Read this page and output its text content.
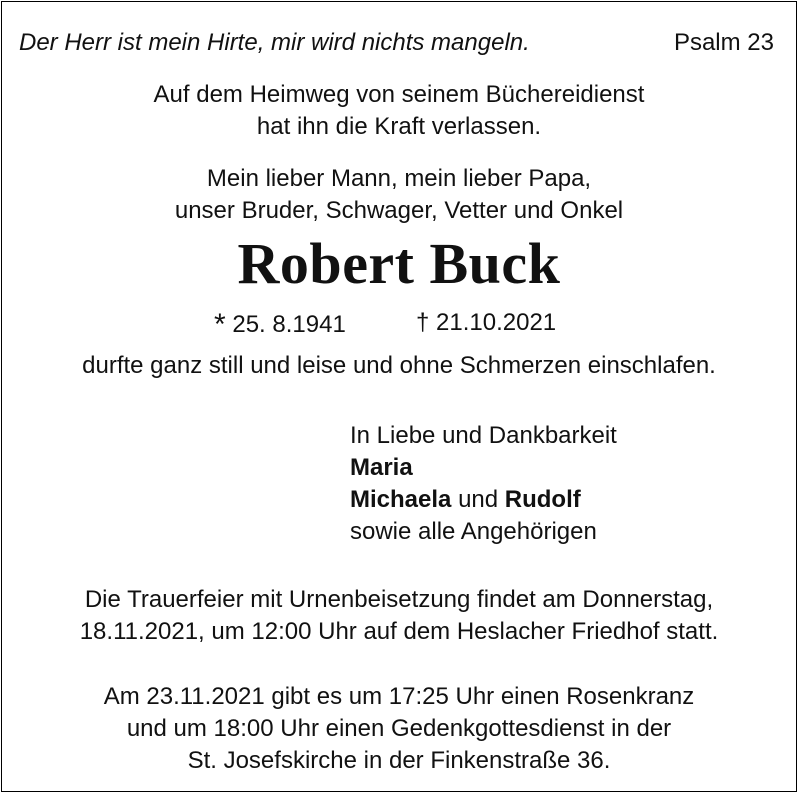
Der Herr ist mein Hirte, mir wird nichts mangeln.	Psalm 23
Auf dem Heimweg von seinem Büchereidienst
hat ihn die Kraft verlassen.
Mein lieber Mann, mein lieber Papa,
unser Bruder, Schwager, Vetter und Onkel
Robert Buck
* 25. 8.1941	† 21.10.2021
durfte ganz still und leise und ohne Schmerzen einschlafen.
In Liebe und Dankbarkeit
Maria
Michaela und Rudolf
sowie alle Angehörigen
Die Trauerfeier mit Urnenbeisetzung findet am Donnerstag,
18.11.2021, um 12:00 Uhr auf dem Heslacher Friedhof statt.
Am 23.11.2021 gibt es um 17:25 Uhr einen Rosenkranz
und um 18:00 Uhr einen Gedenkgottesdienst in der
St. Josefskirche in der Finkenstraße 36.
